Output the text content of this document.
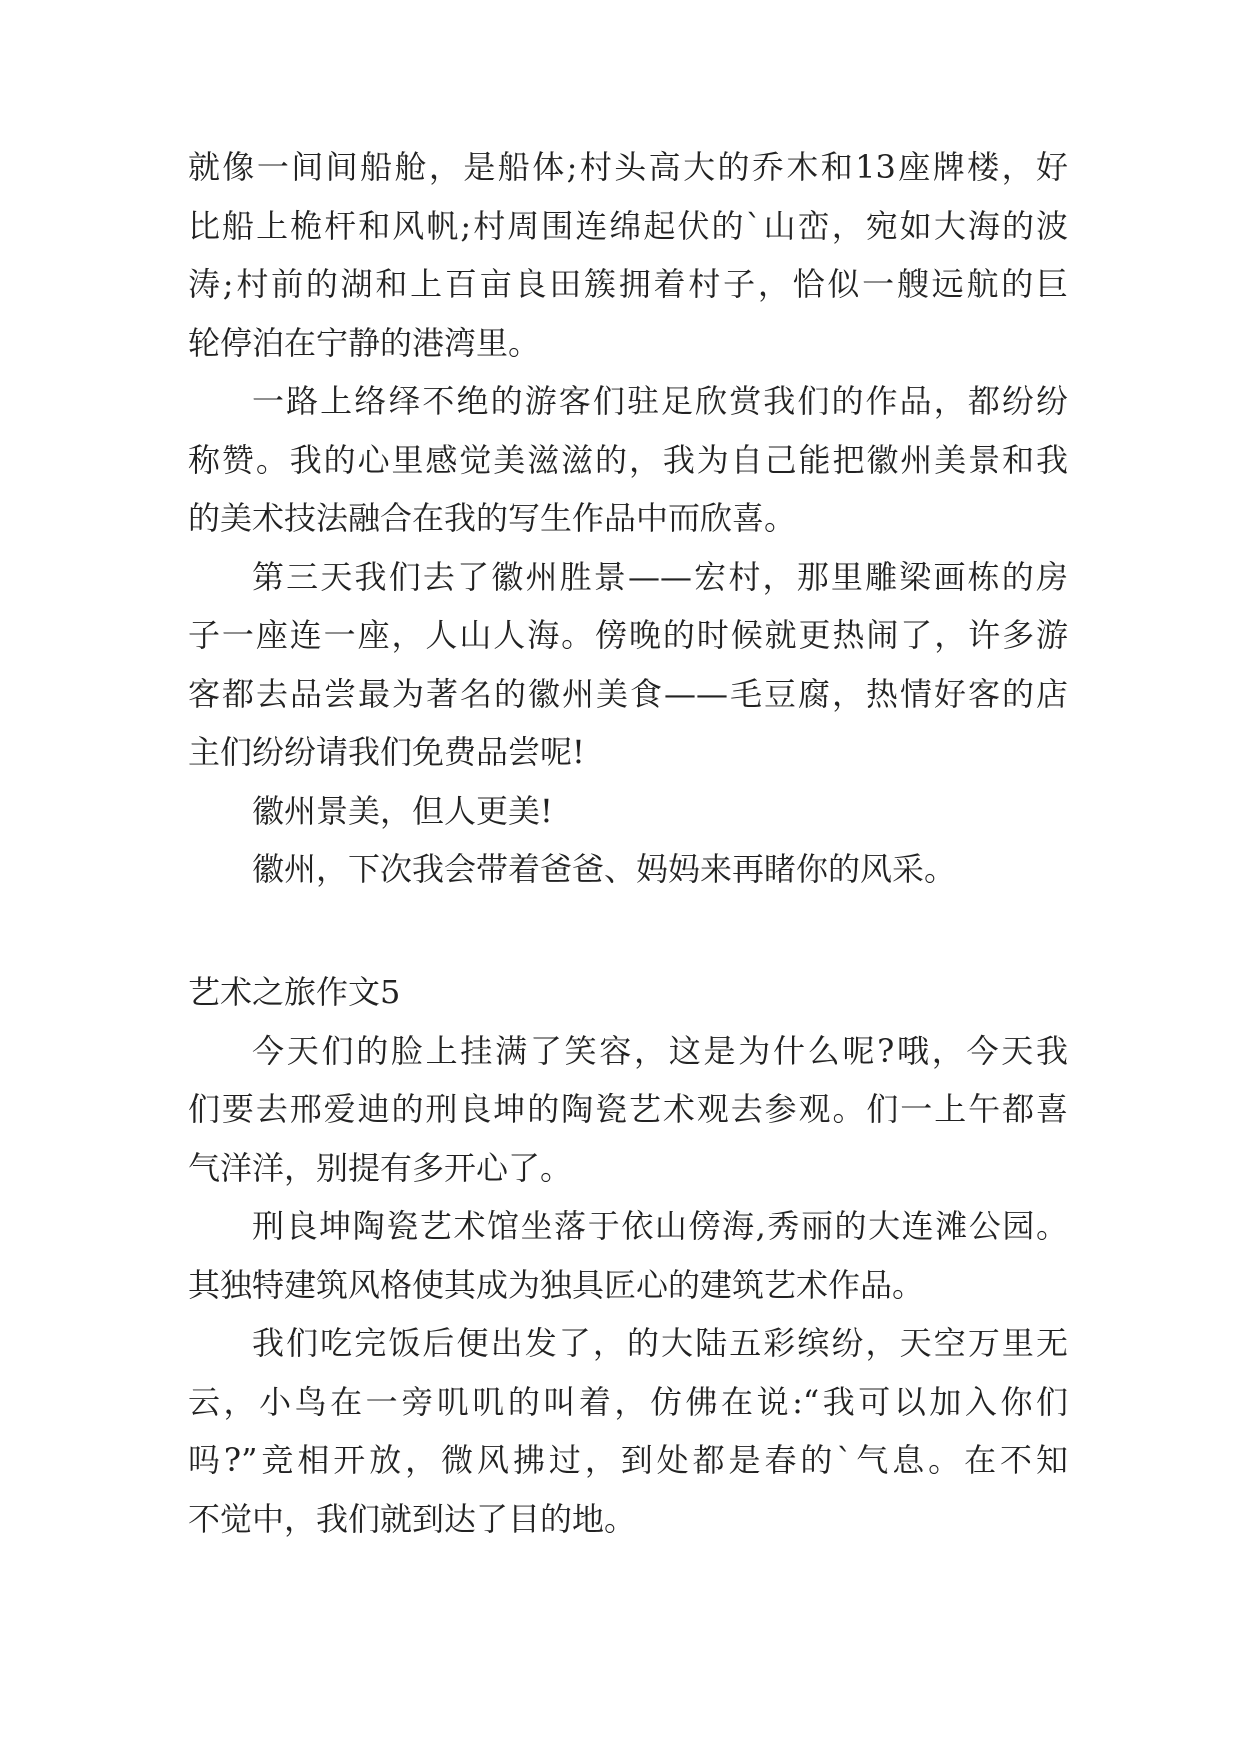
就像一间间船舱，是船体;村头高大的乔木和13座牌楼，好
比船上桅杆和风帆;村周围连绵起伏的`山峦，宛如大海的波
涛;村前的湖和上百亩良田簇拥着村子，恰似一艘远航的巨
轮停泊在宁静的港湾里。
一路上络绎不绝的游客们驻足欣赏我们的作品，都纷纷
称赞。我的心里感觉美滋滋的，我为自己能把徽州美景和我
的美术技法融合在我的写生作品中而欣喜。
第三天我们去了徽州胜景——宏村，那里雕梁画栋的房
子一座连一座，人山人海。傍晚的时候就更热闹了，许多游
客都去品尝最为著名的徽州美食——毛豆腐，热情好客的店
主们纷纷请我们免费品尝呢!
徽州景美，但人更美!
徽州，下次我会带着爸爸、妈妈来再睹你的风采。
艺术之旅作文5
今天们的脸上挂满了笑容，这是为什么呢?哦，今天我
们要去邢爱迪的刑良坤的陶瓷艺术观去参观。们一上午都喜
气洋洋，别提有多开心了。
刑良坤陶瓷艺术馆坐落于依山傍海,秀丽的大连滩公园。
其独特建筑风格使其成为独具匠心的建筑艺术作品。
我们吃完饭后便出发了，的大陆五彩缤纷，天空万里无
云，小鸟在一旁叽叽的叫着，仿佛在说:“我可以加入你们
吗?”竞相开放，微风拂过，到处都是春的`气息。在不知
不觉中，我们就到达了目的地。
